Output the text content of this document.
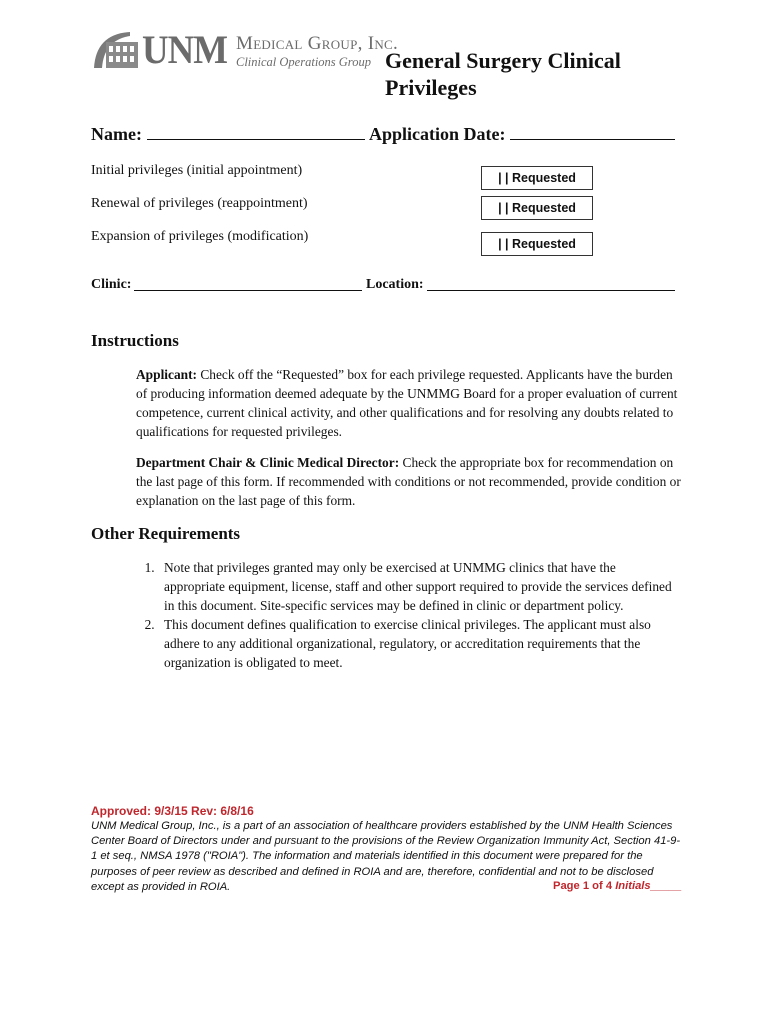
UNM Medical Group, Inc.
Clinical Operations Group General Surgery Clinical Privileges
Name:	Application Date:
Initial privileges (initial appointment)	| | Requested
Renewal of privileges (reappointment)	| | Requested
Expansion of privileges (modification)	| | Requested
Clinic:	Location:
Instructions
Applicant: Check off the “Requested” box for each privilege requested. Applicants have the burden of producing information deemed adequate by the UNMMG Board for a proper evaluation of current competence, current clinical activity, and other qualifications and for resolving any doubts related to qualifications for requested privileges.
Department Chair & Clinic Medical Director: Check the appropriate box for recommendation on the last page of this form. If recommended with conditions or not recommended, provide condition or explanation on the last page of this form.
Other Requirements
1. Note that privileges granted may only be exercised at UNMMG clinics that have the appropriate equipment, license, staff and other support required to provide the services defined in this document. Site-specific services may be defined in clinic or department policy.
2. This document defines qualification to exercise clinical privileges. The applicant must also adhere to any additional organizational, regulatory, or accreditation requirements that the organization is obligated to meet.
Approved: 9/3/15 Rev: 6/8/16
UNM Medical Group, Inc., is a part of an association of healthcare providers established by the UNM Health Sciences Center Board of Directors under and pursuant to the provisions of the Review Organization Immunity Act, Section 41-9-1 et seq., NMSA 1978 ("ROIA"). The information and materials identified in this document were prepared for the purposes of peer review as described and defined in ROIA and are, therefore, confidential and not to be disclosed except as provided in ROIA.	Page 1 of 4 Initials_____
